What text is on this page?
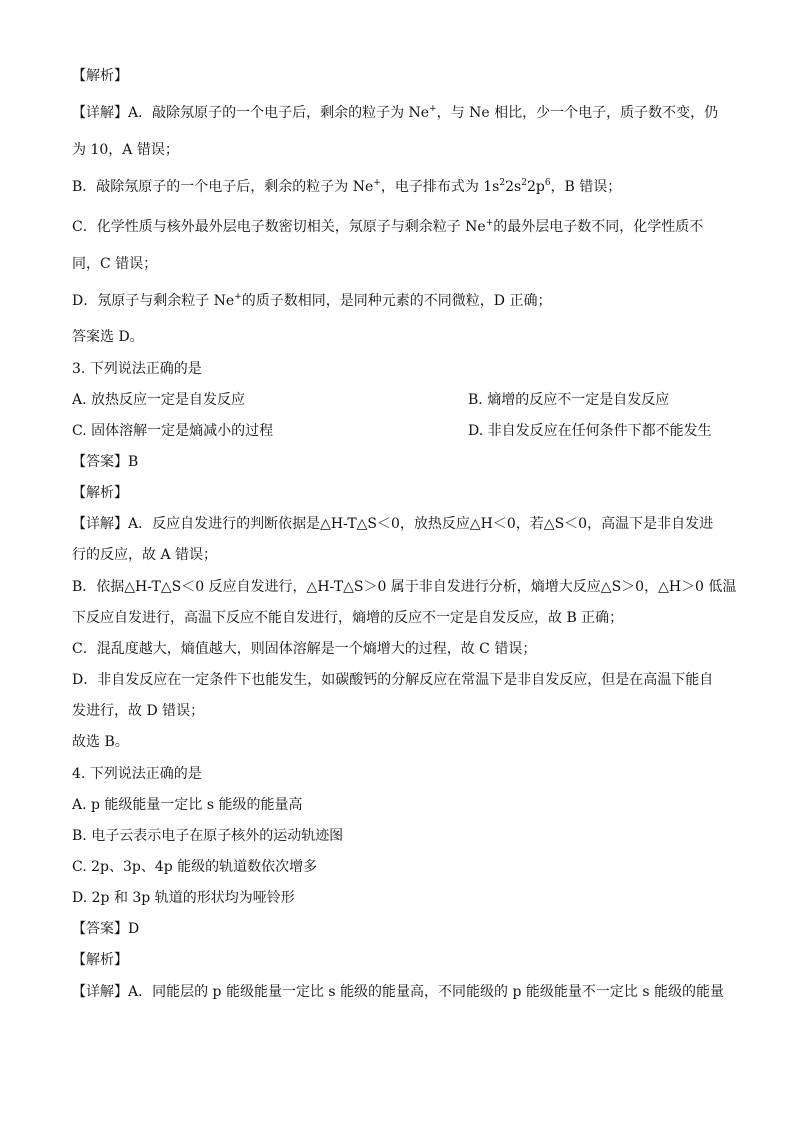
【解析】
【详解】A．敲除氖原子的一个电子后，剩余的粒子为 Ne+，与 Ne 相比，少一个电子，质子数不变，仍
为 10，A 错误；
B．敲除氖原子的一个电子后，剩余的粒子为 Ne+，电子排布式为 $1s^22s^22p^6$，B 错误；
C．化学性质与核外最外层电子数密切相关，氖原子与剩余粒子 Ne+的最外层电子数不同，化学性质不
同，C 错误；
D．氖原子与剩余粒子 Ne+的质子数相同，是同种元素的不同微粒，D 正确；
答案选 D。
3. 下列说法正确的是
A. 放热反应一定是自发反应	B. 熵增的反应不一定是自发反应
C. 固体溶解一定是熵减小的过程	D. 非自发反应在任何条件下都不能发生
【答案】B
【解析】
【详解】A．反应自发进行的判断依据是△H-T△S＜0，放热反应△H＜0，若△S＜0，高温下是非自发进
行的反应，故 A 错误；
B．依据△H-T△S＜0 反应自发进行，△H-T△S＞0 属于非自发进行分析，熵增大反应△S＞0，△H＞0 低温
下反应自发进行，高温下反应不能自发进行，熵增的反应不一定是自发反应，故 B 正确；
C．混乱度越大，熵值越大，则固体溶解是一个熵增大的过程，故 C 错误；
D．非自发反应在一定条件下也能发生，如碳酸钙的分解反应在常温下是非自发反应，但是在高温下能自
发进行，故 D 错误；
故选 B。
4. 下列说法正确的是
A. p 能级能量一定比 s 能级的能量高
B. 电子云表示电子在原子核外的运动轨迹图
C. 2p、3p、4p 能级的轨道数依次增多
D. 2p 和 3p 轨道的形状均为哑铃形
【答案】D
【解析】
【详解】A．同能层的 p 能级能量一定比 s 能级的能量高，不同能级的 p 能级能量不一定比 s 能级的能量
